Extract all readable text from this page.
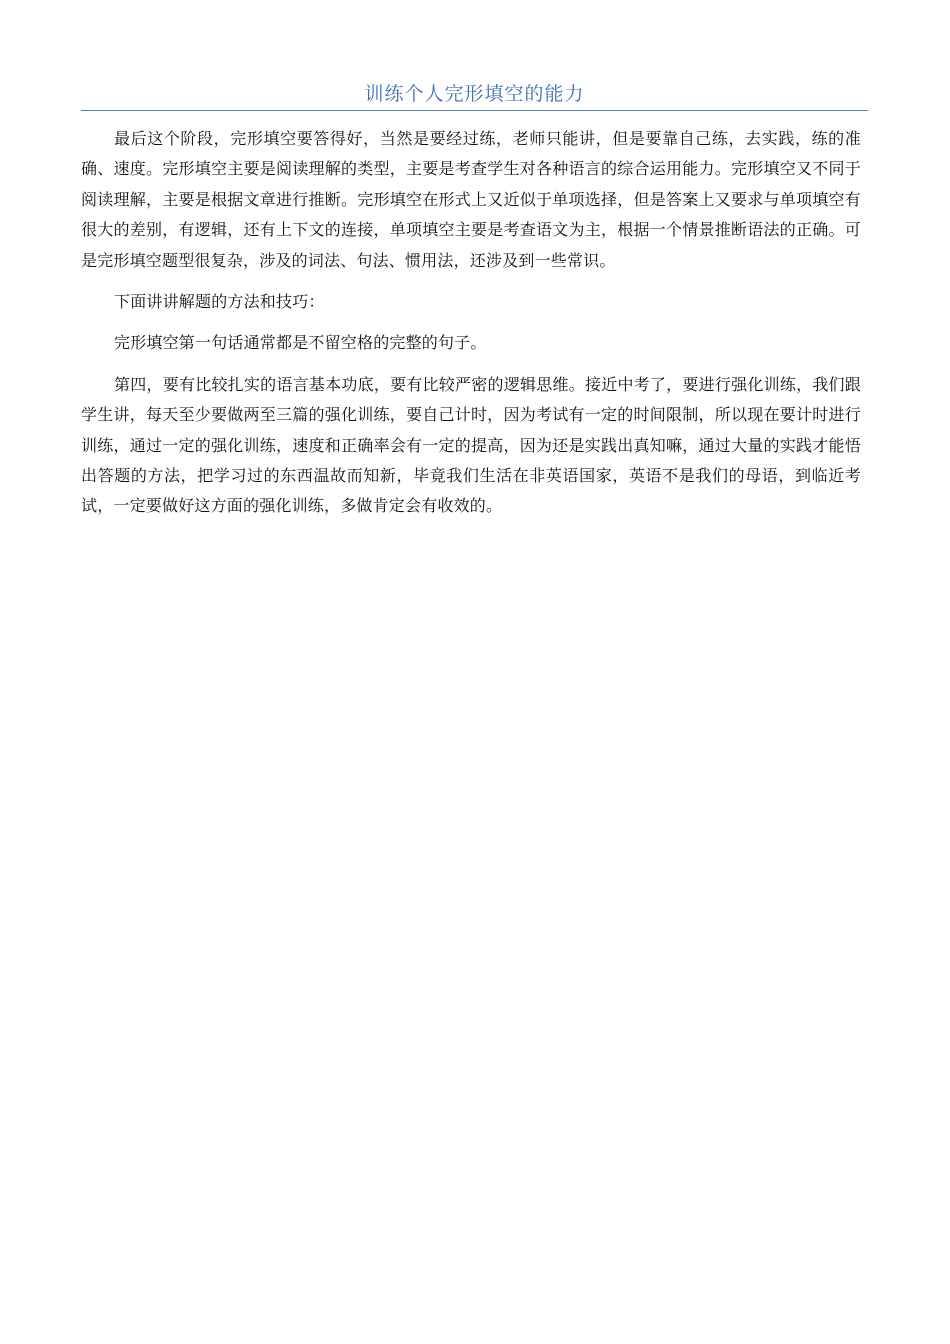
训练个人完形填空的能力

最后这个阶段，完形填空要答得好，当然是要经过练，老师只能讲，但是要靠自己练，去实践，练的准确、速度。完形填空主要是阅读理解的类型，主要是考查学生对各种语言的综合运用能力。完形填空又不同于阅读理解，主要是根据文章进行推断。完形填空在形式上又近似于单项选择，但是答案上又要求与单项填空有很大的差别，有逻辑，还有上下文的连接，单项填空主要是考查语文为主，根据一个情景推断语法的正确。可是完形填空题型很复杂，涉及的词法、句法、惯用法，还涉及到一些常识。

下面讲讲解题的方法和技巧：

完形填空第一句话通常都是不留空格的完整的句子。

第四，要有比较扎实的语言基本功底，要有比较严密的逻辑思维。接近中考了，要进行强化训练，我们跟学生讲，每天至少要做两至三篇的强化训练，要自己计时，因为考试有一定的时间限制，所以现在要计时进行训练，通过一定的强化训练，速度和正确率会有一定的提高，因为还是实践出真知嘛，通过大量的实践才能悟出答题的方法，把学习过的东西温故而知新，毕竟我们生活在非英语国家，英语不是我们的母语，到临近考试，一定要做好这方面的强化训练，多做肯定会有收效的。
